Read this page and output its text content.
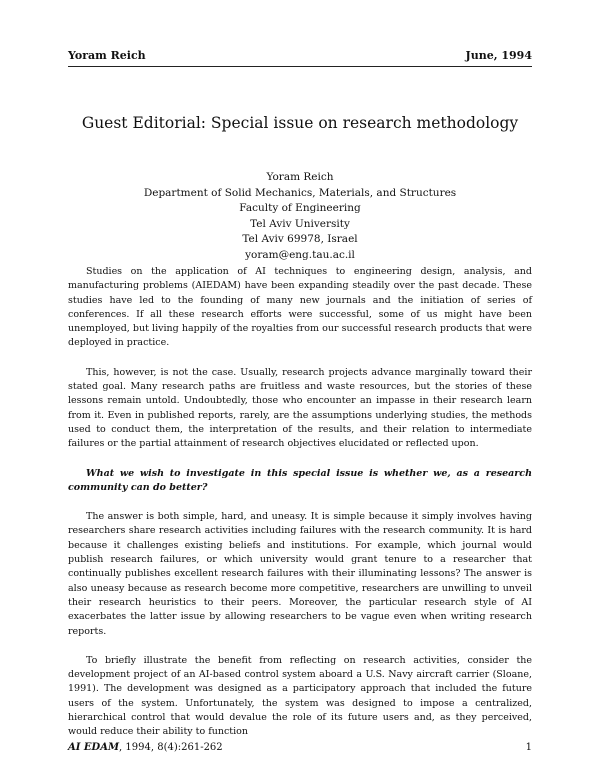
Yoram Reich	June, 1994
Guest Editorial: Special issue on research methodology
Yoram Reich
Department of Solid Mechanics, Materials, and Structures
Faculty of Engineering
Tel Aviv University
Tel Aviv 69978, Israel
yoram@eng.tau.ac.il

Studies on the application of AI techniques to engineering design, analysis, and manufacturing problems (AIEDAM) have been expanding steadily over the past decade. These studies have led to the founding of many new journals and the initiation of series of conferences. If all these research efforts were successful, some of us might have been unemployed, but living happily of the royalties from our successful research products that were deployed in practice.

This, however, is not the case. Usually, research projects advance marginally toward their stated goal. Many research paths are fruitless and waste resources, but the stories of these lessons remain untold. Undoubtedly, those who encounter an impasse in their research learn from it. Even in published reports, rarely, are the assumptions underlying studies, the methods used to conduct them, the interpretation of the results, and their relation to intermediate failures or the partial attainment of research objectives elucidated or reflected upon.

What we wish to investigate in this special issue is whether we, as a research community can do better?

The answer is both simple, hard, and uneasy. It is simple because it simply involves having researchers share research activities including failures with the research community. It is hard because it challenges existing beliefs and institutions. For example, which journal would publish research failures, or which university would grant tenure to a researcher that continually publishes excellent research failures with their illuminating lessons? The answer is also uneasy because as research become more competitive, researchers are unwilling to unveil their research heuristics to their peers. Moreover, the particular research style of AI exacerbates the latter issue by allowing researchers to be vague even when writing research reports.

To briefly illustrate the benefit from reflecting on research activities, consider the development project of an AI-based control system aboard a U.S. Navy aircraft carrier (Sloane, 1991). The development was designed as a participatory approach that included the future users of the system. Unfortunately, the system was designed to impose a centralized, hierarchical control that would devalue the role of its future users and, as they perceived, would reduce their ability to function

AI EDAM, 1994, 8(4):261-262	1
